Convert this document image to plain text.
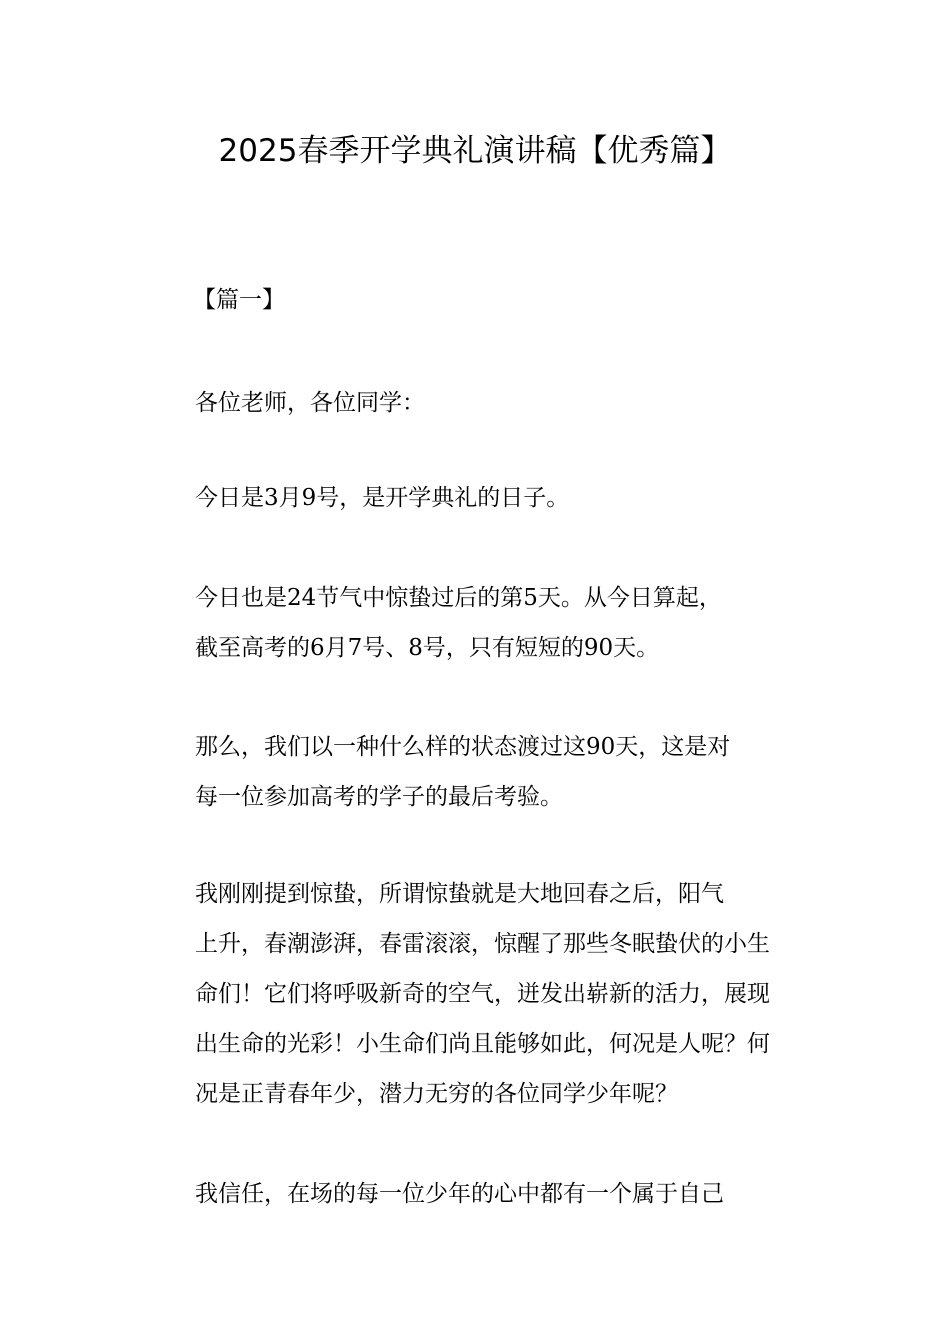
2025春季开学典礼演讲稿【优秀篇】
【篇一】

各位老师，各位同学：

今日是3月9号，是开学典礼的日子。

今日也是24节气中惊蛰过后的第5天。从今日算起，
截至高考的6月7号、8号，只有短短的90天。

那么，我们以一种什么样的状态渡过这90天，这是对
每一位参加高考的学子的最后考验。

我刚刚提到惊蛰，所谓惊蛰就是大地回春之后，阳气
上升，春潮澎湃，春雷滚滚，惊醒了那些冬眠蛰伏的小生
命们！它们将呼吸新奇的空气，迸发出崭新的活力，展现
出生命的光彩！小生命们尚且能够如此，何况是人呢？何
况是正青春年少，潜力无穷的各位同学少年呢？

我信任，在场的每一位少年的心中都有一个属于自己
